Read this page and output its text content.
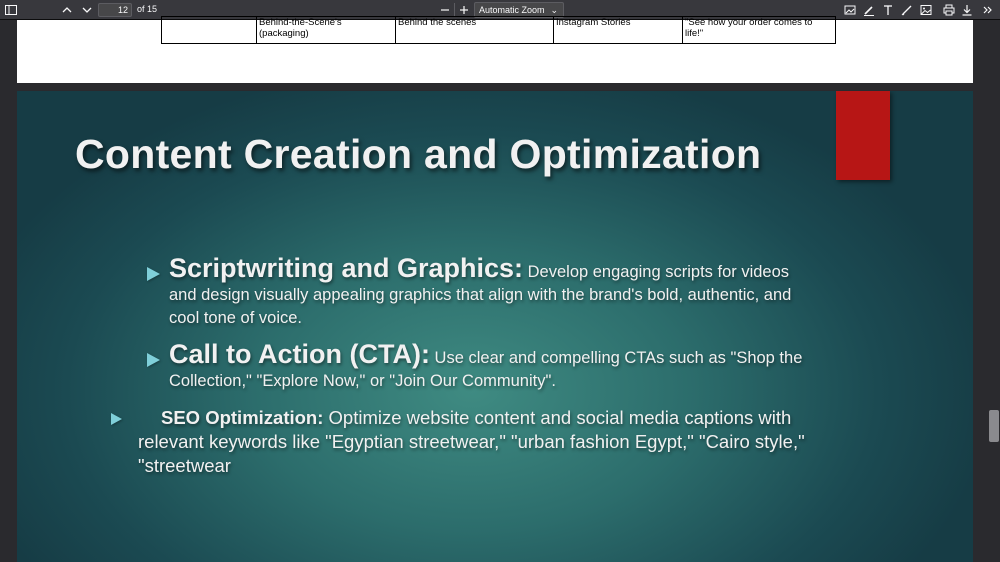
12	of 15	Automatic Zoom ⌄
	Behind-the-Scene's (packaging)	Behind the scenes	Instagram Stories	"See how your order comes to life!"
Content Creation and Optimization
Scriptwriting and Graphics: Develop engaging scripts for videos and design visually appealing graphics that align with the brand's bold, authentic, and cool tone of voice.
Call to Action (CTA): Use clear and compelling CTAs such as "Shop the Collection," "Explore Now," or "Join Our Community".
SEO Optimization: Optimize website content and social media captions with relevant keywords like "Egyptian streetwear," "urban fashion Egypt," "Cairo style," "streetwear
